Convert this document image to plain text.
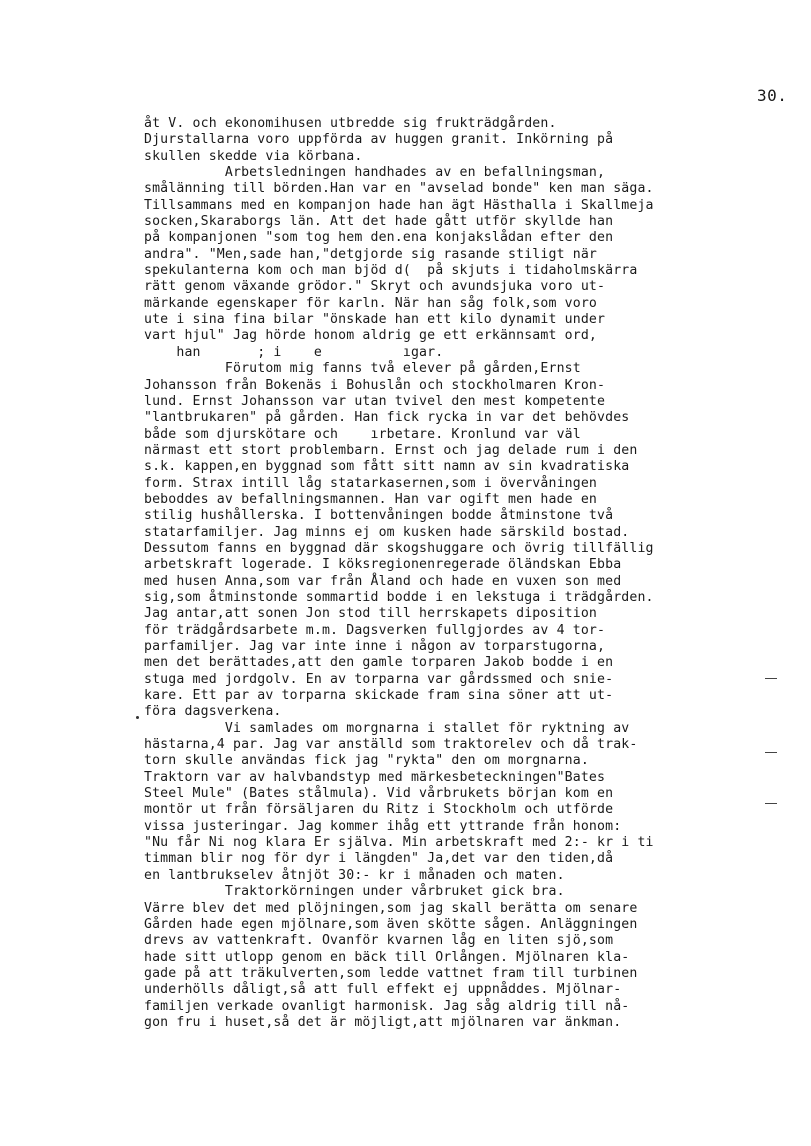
30.
åt V. och ekonomihusen utbredde sig frukträdgården.
Djurstallarna voro uppförda av huggen granit. Inkörning på
skullen skedde via körbana.
Arbetsledningen handhades av en befallningsman,
smålänning till börden.Han var en "avselad bonde" ken man säga.
Tillsammans med en kompanjon hade han ägt Hästhalla i Skallmeja
socken,Skaraborgs län. Att det hade gått utför skyllde han
på kompanjonen "som tog hem den.ena konjakslådan efter den
andra". "Men,sade han,"detgjorde sig rasande stiligt när
spekulanterna kom och man bjöd d(  på skjuts i tidaholmskärra
rätt genom växande grödor." Skryt och avundsjuka voro ut-
märkande egenskaper för karln. När han såg folk,som voro
ute i sina fina bilar "önskade han ett kilo dynamit under
vart hjul" Jag hörde honom aldrig ge ett erkännsamt ord,
han       ; i    e          ıgar.
Förutom mig fanns två elever på gården,Ernst
Johansson från Bokenäs i Bohuslån och stockholmaren Kron-
lund. Ernst Johansson var utan tvivel den mest kompetente
"lantbrukaren" på gården. Han fick rycka in var det behövdes
både som djurskötare och    ırbetare. Kronlund var väl
närmast ett stort problembarn. Ernst och jag delade rum i den
s.k. kappen,en byggnad som fått sitt namn av sin kvadratiska
form. Strax intill låg statarkasernen,som i övervåningen
beboddes av befallningsmannen. Han var ogift men hade en
stilig hushållerska. I bottenvåningen bodde åtminstone två
statarfamiljer. Jag minns ej om kusken hade särskild bostad.
Dessutom fanns en byggnad där skogshuggare och övrig tillfällig
arbetskraft logerade. I köksregionenregerade öländskan Ebba
med husen Anna,som var från Åland och hade en vuxen son med
sig,som åtminstonde sommartid bodde i en lekstuga i trädgården.
Jag antar,att sonen Jon stod till herrskapets diposition
för trädgårdsarbete m.m. Dagsverken fullgjordes av 4 tor-
parfamiljer. Jag var inte inne i någon av torparstugorna,
men det berättades,att den gamle torparen Jakob bodde i en
stuga med jordgolv. En av torparna var gårdssmed och snie-
kare. Ett par av torparna skickade fram sina söner att ut-
föra dagsverkena.
Vi samlades om morgnarna i stallet för ryktning av
hästarna,4 par. Jag var anställd som traktorelev och då trak-
torn skulle användas fick jag "rykta" den om morgnarna.
Traktorn var av halvbandstyp med märkesbeteckningen"Bates
Steel Mule" (Bates stålmula). Vid vårbrukets början kom en
montör ut från försäljaren du Ritz i Stockholm och utförde
vissa justeringar. Jag kommer ihåg ett yttrande från honom:
"Nu får Ni nog klara Er själva. Min arbetskraft med 2:- kr i ti
timman blir nog för dyr i längden" Ja,det var den tiden,då
en lantbrukselev åtnjöt 30:- kr i månaden och maten.
Traktorkörningen under vårbruket gick bra.
Värre blev det med plöjningen,som jag skall berätta om senare
Gården hade egen mjölnare,som även skötte sågen. Anläggningen
drevs av vattenkraft. Ovanför kvarnen låg en liten sjö,som
hade sitt utlopp genom en bäck till Orlången. Mjölnaren kla-
gade på att träkulverten,som ledde vattnet fram till turbinen
underhölls dåligt,så att full effekt ej uppnåddes. Mjölnar-
familjen verkade ovanligt harmonisk. Jag såg aldrig till nå-
gon fru i huset,så det är möjligt,att mjölnaren var änkman.
